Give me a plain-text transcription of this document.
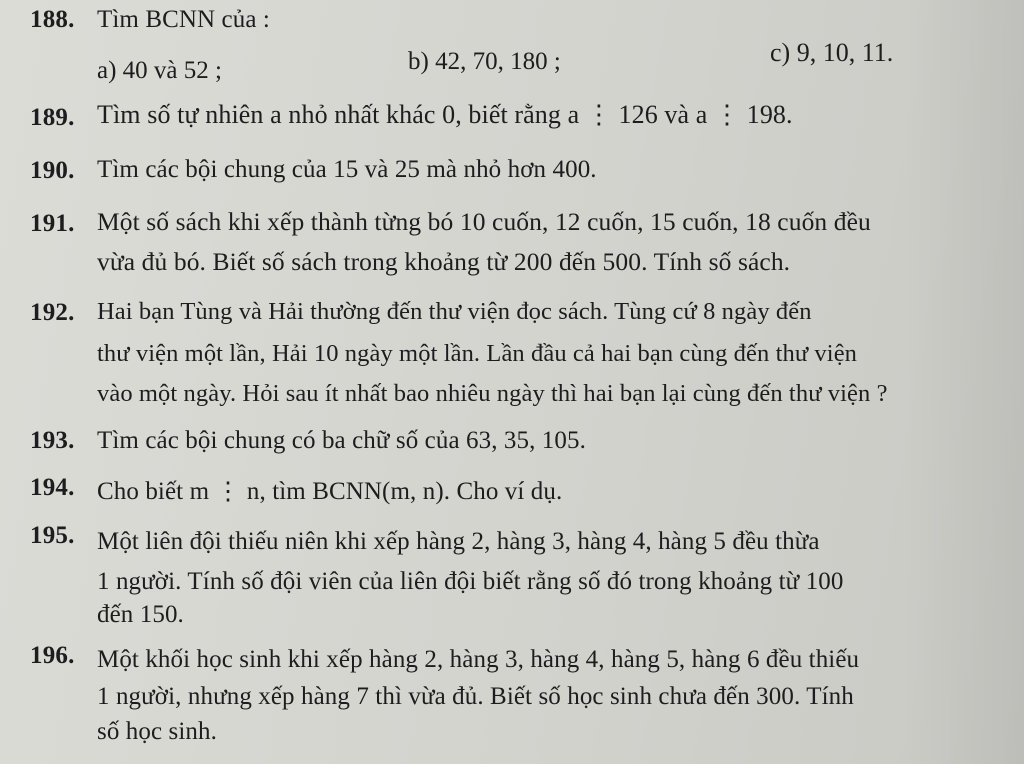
188. Tìm BCNN của :
a) 40 và 52 ;	b) 42, 70, 180 ;	c) 9, 10, 11.
189. Tìm số tự nhiên a nhỏ nhất khác 0, biết rằng a ⋮ 126 và a ⋮ 198.
190. Tìm các bội chung của 15 và 25 mà nhỏ hơn 400.
191. Một số sách khi xếp thành từng bó 10 cuốn, 12 cuốn, 15 cuốn, 18 cuốn đều
vừa đủ bó. Biết số sách trong khoảng từ 200 đến 500. Tính số sách.
192. Hai bạn Tùng và Hải thường đến thư viện đọc sách. Tùng cứ 8 ngày đến
thư viện một lần, Hải 10 ngày một lần. Lần đầu cả hai bạn cùng đến thư viện
vào một ngày. Hỏi sau ít nhất bao nhiêu ngày thì hai bạn lại cùng đến thư viện ?
193. Tìm các bội chung có ba chữ số của 63, 35, 105.
194. Cho biết m ⋮ n, tìm BCNN(m, n). Cho ví dụ.
195. Một liên đội thiếu niên khi xếp hàng 2, hàng 3, hàng 4, hàng 5 đều thừa
1 người. Tính số đội viên của liên đội biết rằng số đó trong khoảng từ 100
đến 150.
196. Một khối học sinh khi xếp hàng 2, hàng 3, hàng 4, hàng 5, hàng 6 đều thiếu
1 người, nhưng xếp hàng 7 thì vừa đủ. Biết số học sinh chưa đến 300. Tính
số học sinh.
